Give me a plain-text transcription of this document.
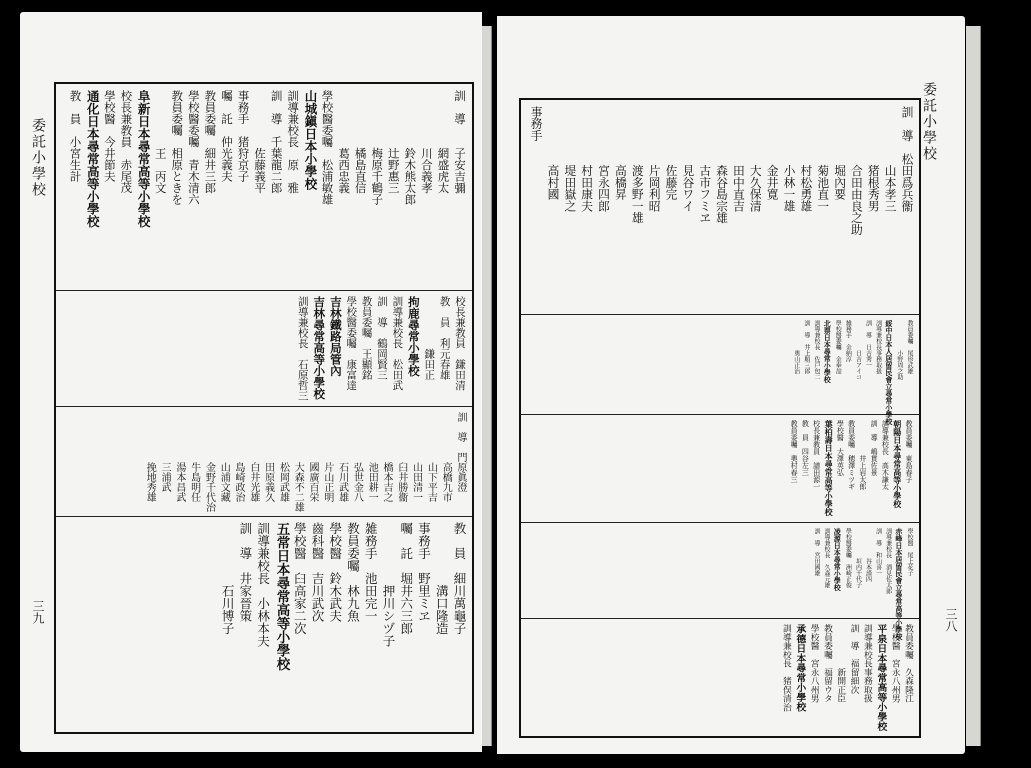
委託小學校
三九
訓　導　　子安吉彌
　　　　　網盛虎太
　　　　　川合義孝
　　　　　鈴木熊太郎
　　　　　辻野惠三
　　　　　梅原千鶴子
　　　　　橘島直信
　　　　　葛西忠義
學校醫委囑　松浦敏雄
山城鎭日本小學校
訓導兼校長　原　雅
訓　導　千葉龍二郎
　　　　　佐藤義平
事務手　猪狩京子
囑　託　仲光義夫
教員委囑　細井三郎
學校醫委囑　青木清六
教員委囑　相原ときを
　　　　　王　丙文
阜新日本尋常高等小學校
校長兼教員　赤尾茂
學校醫　今井節夫
通化日本尋常高等小學校
教　員　小宮生計
校長兼教員　鎌田清
教　員　利元春雄
　　　　　鎌田正
拘鹿尋常小學校
訓導兼校長　松田武
訓　導　鶴岡賢三
教員委囑　王顯銘
學校醫委囑　康富達
吉林鐵路局管內
吉林尋常高等小學校
訓導兼校長　石原哲三
訓　導　門原眞澄
　　　　　高橋九市
　　　　　山下平吉
　　　　　山田清一
　　　　　臼井勝衞
　　　　　橋本吉之
　　　　　池田耕一
　　　　　弘世金八
　　　　　石川武雄
　　　　　片山正明
　　　　　國廣百栄
　　　　　大森不二雄
　　　　　松岡武雄
　　　　　田原義久
　　　　　白井光雄
　　　　　島崎政治
　　　　　山浦文藏
　　　　　金野千代治
　　　　　牛島明任
　　　　　湯本昌武
　　　　　三浦武
　　　　　挽地秀雄
教　員　細川萬龜子
　　　　　溝口隆造
事務手　野里ミヱ
囑　託　堀井六三郎
　　　　　押川シヅ子
雑務手　池田完一
教員委囑　林九魚
學校醫　鈴木武夫
齒科醫　吉川武次
學校醫　臼高家二次
五常日本尋常高等小學校
訓導兼校長　小林本夫
訓　導　井家晉策
　　　　　石川博子
委託小學校
三八
訓　導　松田爲兵衞
　　　　　山本孝三
　　　　　猪根秀男
　　　　　合田由良之助
　　　　　堀內要
　　　　　菊池直一
　　　　　村松勇雄
　　　　　小林一雄
　　　　　金井寛
　　　　　大久保清
　　　　　田中直吉
　　　　　森谷島宗雄
　　　　　古市フミヱ
　　　　　見谷ワイ
　　　　　佐藤完
　　　　　片岡利昭
　　　　　渡多野一雄
　　　　　高橋昇
　　　　　宮永四郎
　　　　　村田康夫
　　　　　堤田嶽之
　　　　　高村國
事務手
教員委囑　尾形武雄
　　　　　小野周之助
綏中日本人居留民會立尋常小學校
訓導兼校長事務取扱
訓　導　日吉秀一
　　　　　日吉アイコ
雑務手　金納淳
學校醫委囑　金奉喆
北票日本尋常小學校
訓導兼校長　佐戸包二
訓　導　井上順三郎
　　　　　奧山正治
教員委囑　東島春子
朝陽日本尋常高等小學校
訓導兼校長　高木謙太
訓　導　嶋貫佐景
　　　　　井上岩太郎
教員委囑　穂澤ミツギ
學校醫　大澤英弘
葉柏壽日本尋常高等小學校
校長兼教員　譜田源一
教　員　四谷左三
教員委囑　奧村春三
學校醫　尾上花子
赤峰日本居留民會立尋常高等小學校
訓導兼校長　酒見佐太郎
訓　導　和山喜一
　　　　　谷本謹四
　　　　　垣内千代子
學校醫委囑　洲崎正俊
凌源日本尋常小學校
訓導兼校長　久森元雄
訓　導　宮田國雄
教員委囑　久森隆江
學校醫　宮永八州男
平泉日本尋常高等小學校
訓導兼校長事務取扱
訓　導　福留細次
　　　　　新開正臣
教員委囑　福留ウタ
學校醫　宮永八州男
承德日本尋常小學校
訓導兼校長　猪俣清治
